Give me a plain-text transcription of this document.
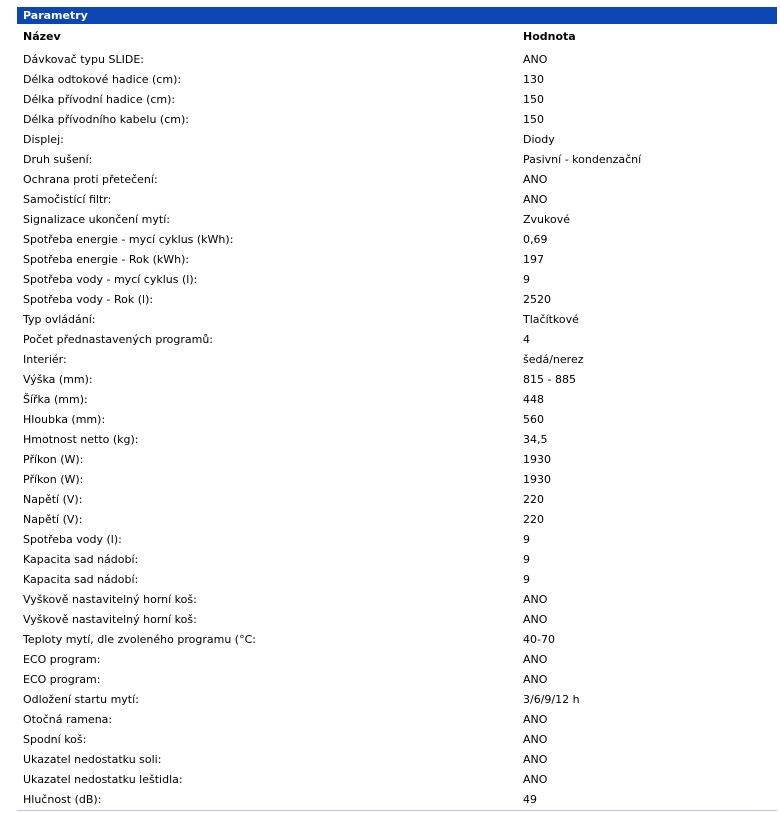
Parametry
Název	Hodnota
Dávkovač typu SLIDE:	ANO
Délka odtokové hadice (cm):	130
Délka přívodní hadice (cm):	150
Délka přívodního kabelu (cm):	150
Displej:	Diody
Druh sušení:	Pasivní - kondenzační
Ochrana proti přetečení:	ANO
Samočistící filtr:	ANO
Signalizace ukončení mytí:	Zvukové
Spotřeba energie - mycí cyklus (kWh):	0,69
Spotřeba energie - Rok (kWh):	197
Spotřeba vody - mycí cyklus (l):	9
Spotřeba vody - Rok (l):	2520
Typ ovládání:	Tlačítkové
Počet přednastavených programů:	4
Interiér:	šedá/nerez
Výška (mm):	815 - 885
Šířka (mm):	448
Hloubka (mm):	560
Hmotnost netto (kg):	34,5
Příkon (W):	1930
Příkon (W):	1930
Napětí (V):	220
Napětí (V):	220
Spotřeba vody (l):	9
Kapacita sad nádobí:	9
Kapacita sad nádobí:	9
Vyškově nastavitelný horní koš:	ANO
Vyškově nastavitelný horní koš:	ANO
Teploty mytí, dle zvoleného programu (°C:	40-70
ECO program:	ANO
ECO program:	ANO
Odložení startu mytí:	3/6/9/12 h
Otočná ramena:	ANO
Spodní koš:	ANO
Ukazatel nedostatku soli:	ANO
Ukazatel nedostatku leštidla:	ANO
Hlučnost (dB):	49
